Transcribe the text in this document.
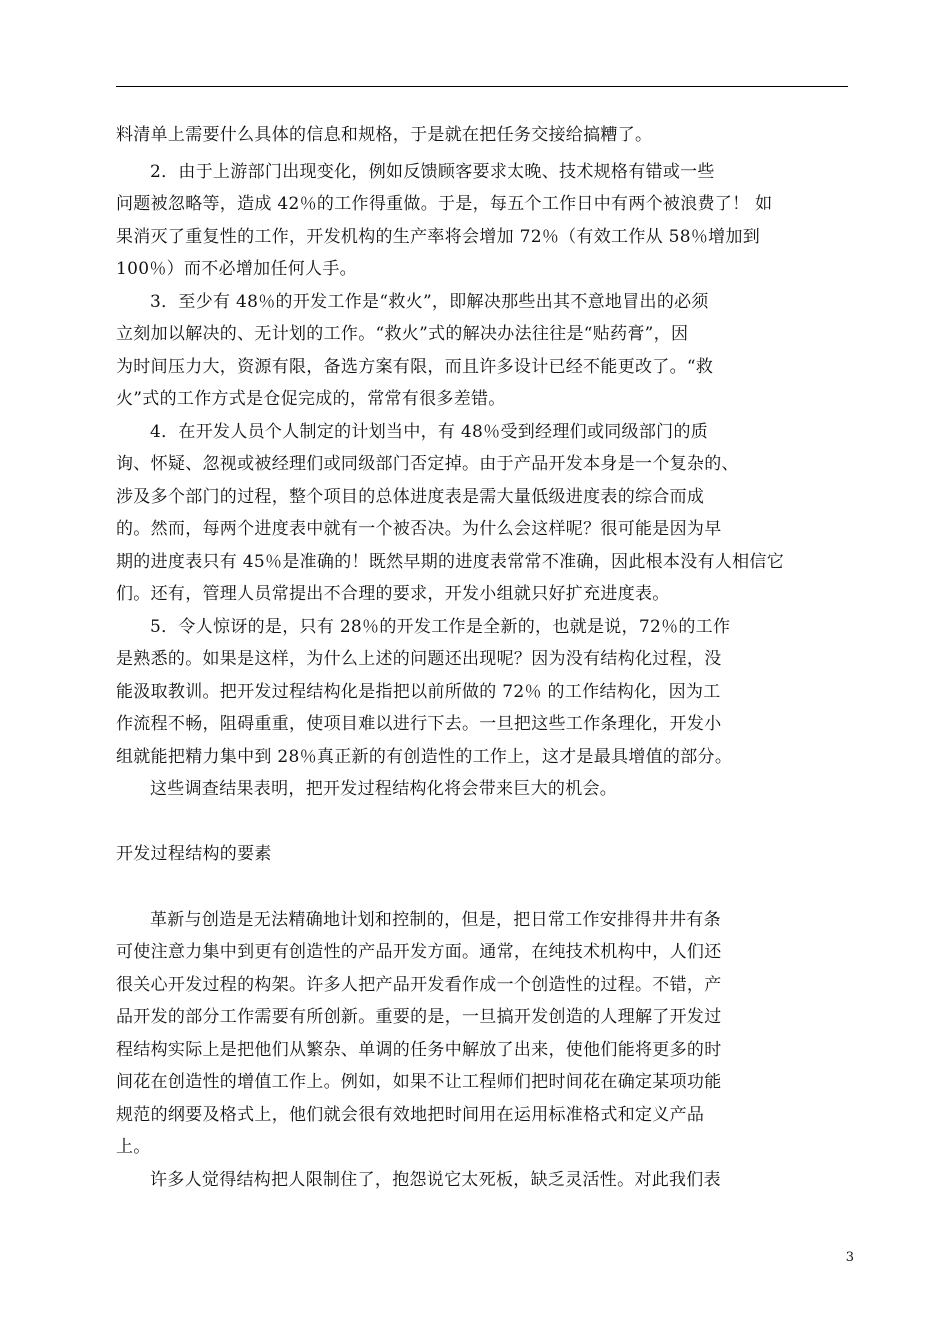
料清单上需要什么具体的信息和规格，于是就在把任务交接给搞糟了。
2．由于上游部门出现变化，例如反馈顾客要求太晚、技术规格有错或一些
问题被忽略等，造成 42％的工作得重做。于是，每五个工作日中有两个被浪费了！ 如
果消灭了重复性的工作，开发机构的生产率将会增加 72％（有效工作从 58％增加到
100％）而不必增加任何人手。
3．至少有 48％的开发工作是“救火”，即解决那些出其不意地冒出的必须
立刻加以解决的、无计划的工作。“救火”式的解决办法往往是“贴药膏”，因
为时间压力大，资源有限，备选方案有限，而且许多设计已经不能更改了。“救
火”式的工作方式是仓促完成的，常常有很多差错。
4．在开发人员个人制定的计划当中，有 48％受到经理们或同级部门的质
询、怀疑、忽视或被经理们或同级部门否定掉。由于产品开发本身是一个复杂的、
涉及多个部门的过程，整个项目的总体进度表是需大量低级进度表的综合而成
的。然而，每两个进度表中就有一个被否决。为什么会这样呢？很可能是因为早
期的进度表只有 45％是准确的！既然早期的进度表常常不准确，因此根本没有人相信它
们。还有，管理人员常提出不合理的要求，开发小组就只好扩充进度表。
5．令人惊讶的是，只有 28％的开发工作是全新的，也就是说，72％的工作
是熟悉的。如果是这样，为什么上述的问题还出现呢？因为没有结构化过程，没
能汲取教训。把开发过程结构化是指把以前所做的 72％ 的工作结构化，因为工
作流程不畅，阻碍重重，使项目难以进行下去。一旦把这些工作条理化，开发小
组就能把精力集中到 28％真正新的有创造性的工作上，这才是最具增值的部分。
这些调查结果表明，把开发过程结构化将会带来巨大的机会。
开发过程结构的要素
革新与创造是无法精确地计划和控制的，但是，把日常工作安排得井井有条
可使注意力集中到更有创造性的产品开发方面。通常，在纯技术机构中，人们还
很关心开发过程的构架。许多人把产品开发看作成一个创造性的过程。不错，产
品开发的部分工作需要有所创新。重要的是，一旦搞开发创造的人理解了开发过
程结构实际上是把他们从繁杂、单调的任务中解放了出来，使他们能将更多的时
间花在创造性的增值工作上。例如，如果不让工程师们把时间花在确定某项功能
规范的纲要及格式上，他们就会很有效地把时间用在运用标准格式和定义产品
上。
许多人觉得结构把人限制住了，抱怨说它太死板，缺乏灵活性。对此我们表
3
